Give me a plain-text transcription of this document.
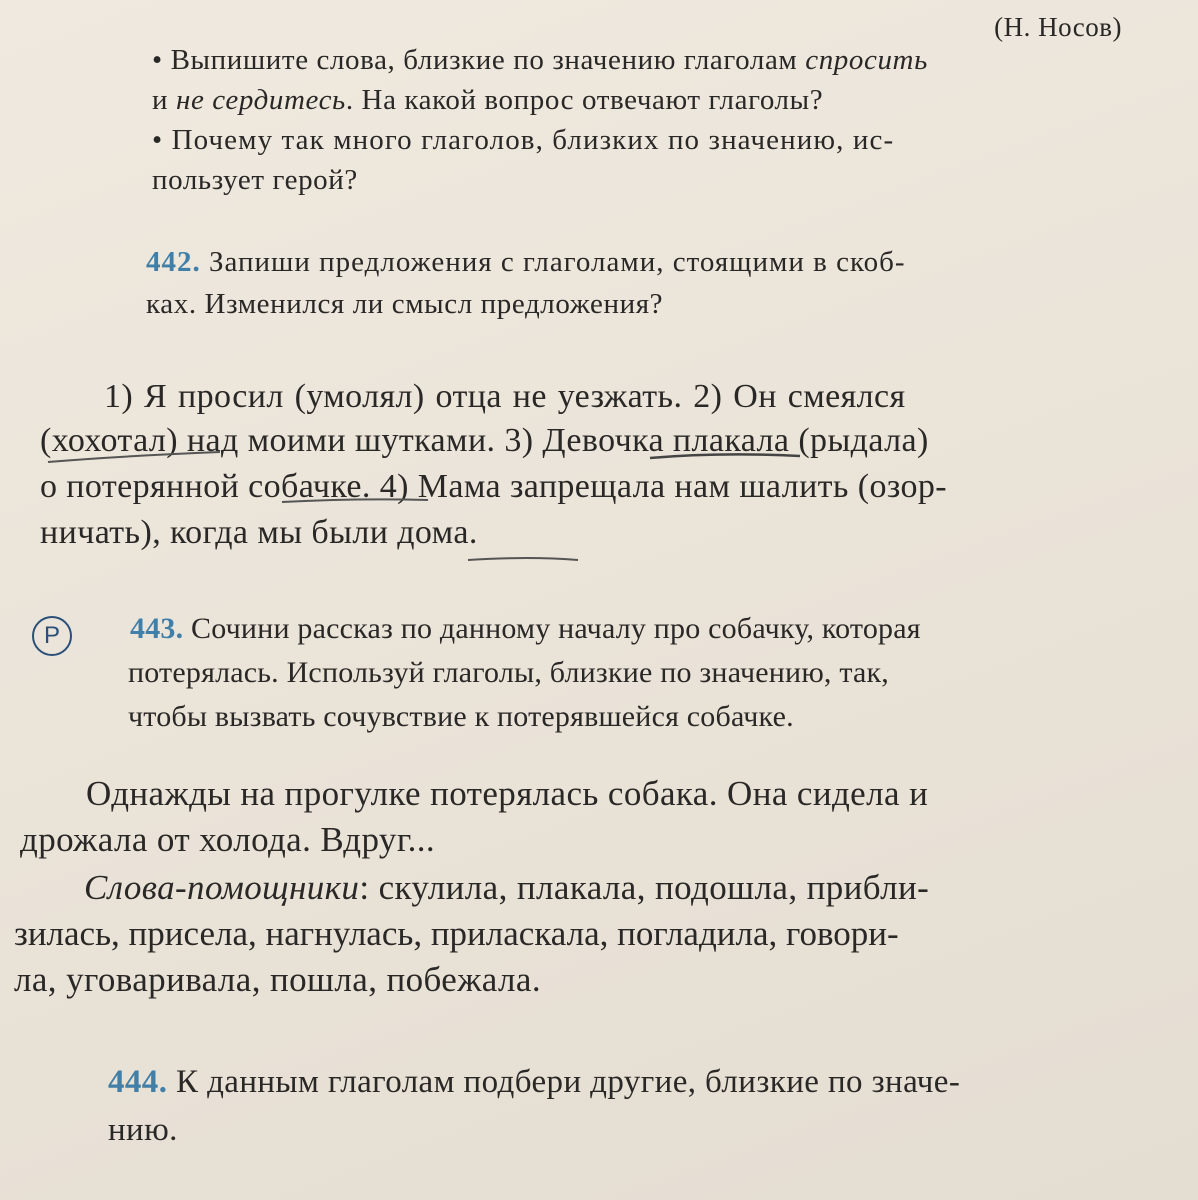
(Н. Носов)
• Выпишите слова, близкие по значению глаголам спросить
и не сердитесь. На какой вопрос отвечают глаголы?
• Почему так много глаголов, близких по значению, ис-
пользует герой?
442. Запиши предложения с глаголами, стоящими в скоб-
ках. Изменился ли смысл предложения?
1) Я просил (умолял) отца не уезжать. 2) Он смеялся
(хохотал) над моими шутками. 3) Девочка плакала (рыдала)
о потерянной собачке. 4) Мама запрещала нам шалить (озор-
ничать), когда мы были дома.
Р	443. Сочини рассказ по данному началу про собачку, которая
потерялась. Используй глаголы, близкие по значению, так,
чтобы вызвать сочувствие к потерявшейся собачке.
Однажды на прогулке потерялась собака. Она сидела и
дрожала от холода. Вдруг...
Слова-помощники: скулила, плакала, подошла, прибли-
зилась, присела, нагнулась, приласкала, погладила, говори-
ла, уговаривала, пошла, побежала.
444. К данным глаголам подбери другие, близкие по значе-
нию.
